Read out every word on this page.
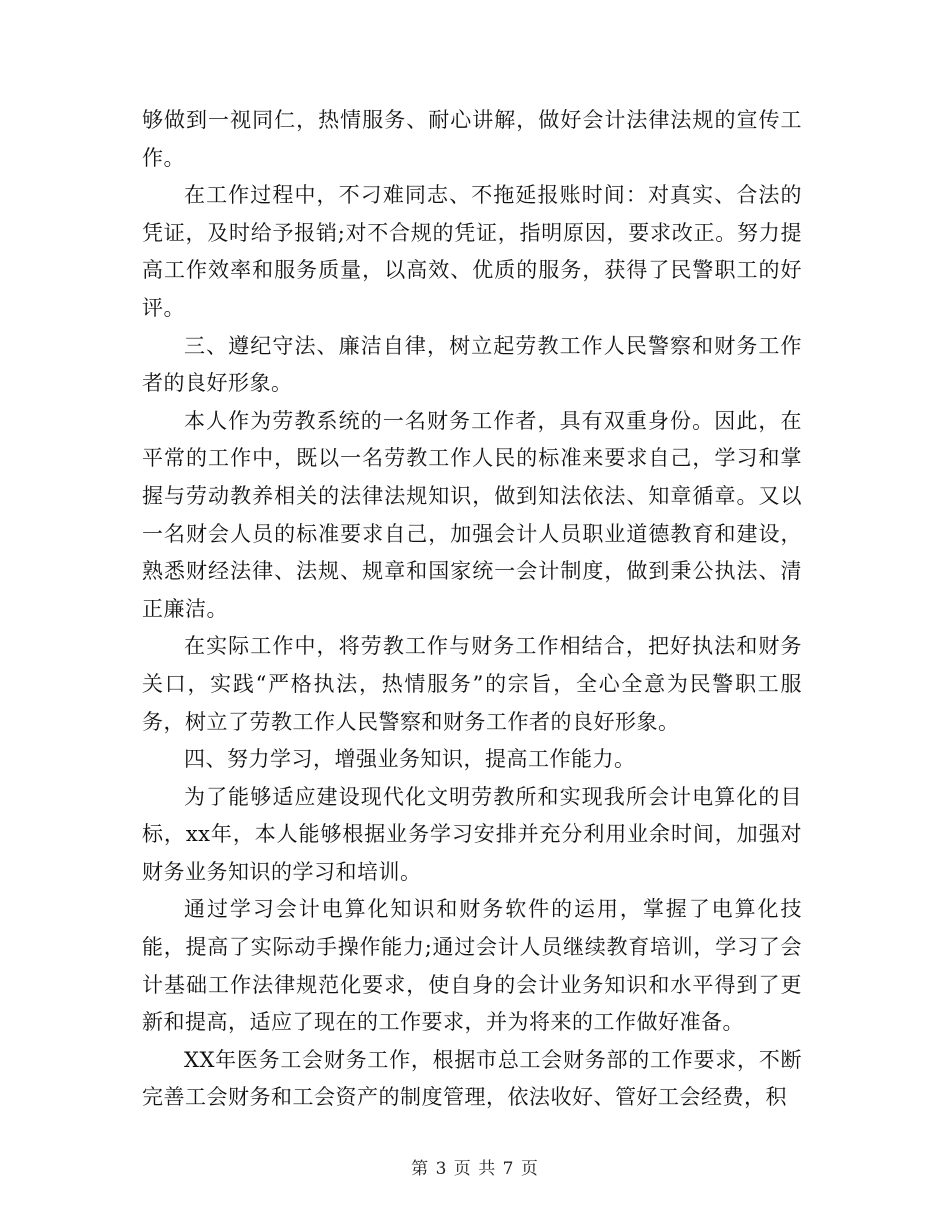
够做到一视同仁，热情服务、耐心讲解，做好会计法律法规的宣传工作。

在工作过程中，不刁难同志、不拖延报账时间：对真实、合法的凭证，及时给予报销;对不合规的凭证，指明原因，要求改正。努力提高工作效率和服务质量，以高效、优质的服务，获得了民警职工的好评。

三、遵纪守法、廉洁自律，树立起劳教工作人民警察和财务工作者的良好形象。

本人作为劳教系统的一名财务工作者，具有双重身份。因此，在平常的工作中，既以一名劳教工作人民的标准来要求自己，学习和掌握与劳动教养相关的法律法规知识，做到知法依法、知章循章。又以一名财会人员的标准要求自己，加强会计人员职业道德教育和建设，熟悉财经法律、法规、规章和国家统一会计制度，做到秉公执法、清正廉洁。

在实际工作中，将劳教工作与财务工作相结合，把好执法和财务关口，实践“严格执法，热情服务”的宗旨，全心全意为民警职工服务，树立了劳教工作人民警察和财务工作者的良好形象。

四、努力学习，增强业务知识，提高工作能力。

为了能够适应建设现代化文明劳教所和实现我所会计电算化的目标，xx年，本人能够根据业务学习安排并充分利用业余时间，加强对财务业务知识的学习和培训。

通过学习会计电算化知识和财务软件的运用，掌握了电算化技能，提高了实际动手操作能力;通过会计人员继续教育培训，学习了会计基础工作法律规范化要求，使自身的会计业务知识和水平得到了更新和提高，适应了现在的工作要求，并为将来的工作做好准备。

XX年医务工会财务工作，根据市总工会财务部的工作要求，不断完善工会财务和工会资产的制度管理，依法收好、管好工会经费，积

第 3 页 共 7 页
